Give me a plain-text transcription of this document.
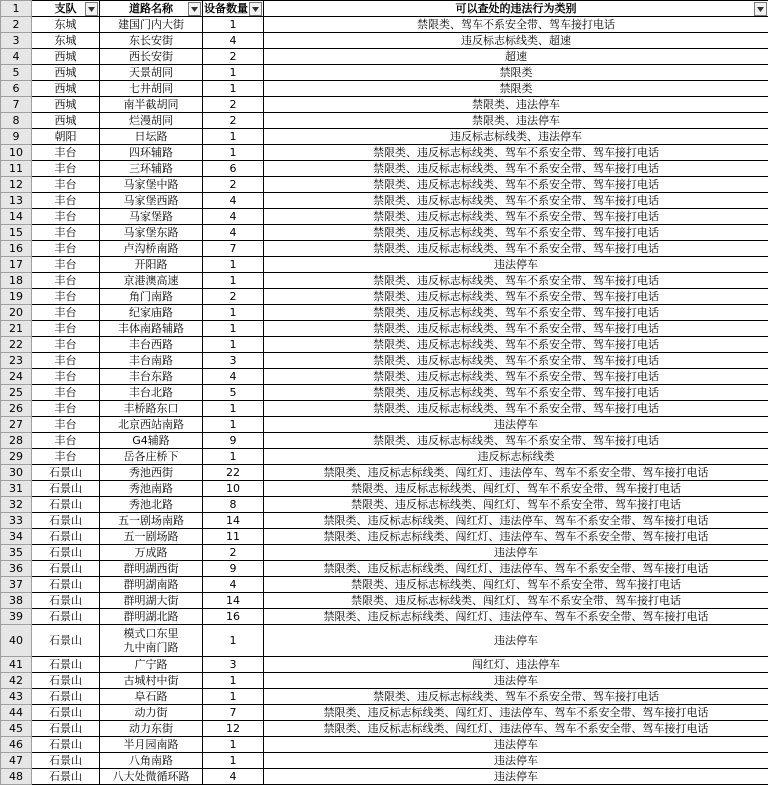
1	支队	道路名称	设备数量	可以查处的违法行为类别

2	东城	建国门内大街	1	禁限类、驾车不系安全带、驾车接打电话
3	东城	东长安街	4	违反标志标线类、超速
4	西城	西长安街	2	超速
5	西城	天景胡同	1	禁限类
6	西城	七井胡同	1	禁限类
7	西城	南半截胡同	2	禁限类、违法停车
8	西城	烂漫胡同	2	禁限类、违法停车
9	朝阳	日坛路	1	违反标志标线类、违法停车
10	丰台	四环辅路	1	禁限类、违反标志标线类、驾车不系安全带、驾车接打电话
11	丰台	三环辅路	6	禁限类、违反标志标线类、驾车不系安全带、驾车接打电话
12	丰台	马家堡中路	2	禁限类、违反标志标线类、驾车不系安全带、驾车接打电话
13	丰台	马家堡西路	4	禁限类、违反标志标线类、驾车不系安全带、驾车接打电话
14	丰台	马家堡路	4	禁限类、违反标志标线类、驾车不系安全带、驾车接打电话
15	丰台	马家堡东路	4	禁限类、违反标志标线类、驾车不系安全带、驾车接打电话
16	丰台	卢沟桥南路	7	禁限类、违反标志标线类、驾车不系安全带、驾车接打电话
17	丰台	开阳路	1	违法停车
18	丰台	京港澳高速	1	禁限类、违反标志标线类、驾车不系安全带、驾车接打电话
19	丰台	角门南路	2	禁限类、违反标志标线类、驾车不系安全带、驾车接打电话
20	丰台	纪家庙路	1	禁限类、违反标志标线类、驾车不系安全带、驾车接打电话
21	丰台	丰体南路辅路	1	禁限类、违反标志标线类、驾车不系安全带、驾车接打电话
22	丰台	丰台西路	1	禁限类、违反标志标线类、驾车不系安全带、驾车接打电话
23	丰台	丰台南路	3	禁限类、违反标志标线类、驾车不系安全带、驾车接打电话
24	丰台	丰台东路	4	禁限类、违反标志标线类、驾车不系安全带、驾车接打电话
25	丰台	丰台北路	5	禁限类、违反标志标线类、驾车不系安全带、驾车接打电话
26	丰台	丰桥路东口	1	禁限类、违反标志标线类、驾车不系安全带、驾车接打电话
27	丰台	北京西站南路	1	违法停车
28	丰台	G4辅路	9	禁限类、违反标志标线类、驾车不系安全带、驾车接打电话
29	丰台	岳各庄桥下	1	违反标志标线类
30	石景山	秀池西街	22	禁限类、违反标志标线类、闯红灯、违法停车、驾车不系安全带、驾车接打电话
31	石景山	秀池南路	10	禁限类、违反标志标线类、闯红灯、驾车不系安全带、驾车接打电话
32	石景山	秀池北路	8	禁限类、违反标志标线类、闯红灯、驾车不系安全带、驾车接打电话
33	石景山	五一剧场南路	14	禁限类、违反标志标线类、闯红灯、违法停车、驾车不系安全带、驾车接打电话
34	石景山	五一剧场路	11	禁限类、违反标志标线类、闯红灯、违法停车、驾车不系安全带、驾车接打电话
35	石景山	万成路	2	违法停车
36	石景山	群明湖西街	9	禁限类、违反标志标线类、闯红灯、违法停车、驾车不系安全带、驾车接打电话
37	石景山	群明湖南路	4	禁限类、违反标志标线类、闯红灯、驾车不系安全带、驾车接打电话
38	石景山	群明湖大街	14	禁限类、违反标志标线类、闯红灯、驾车不系安全带、驾车接打电话
39	石景山	群明湖北路	16	禁限类、违反标志标线类、闯红灯、违法停车、驾车不系安全带、驾车接打电话
40	石景山	模式口东里
九中南门路	1	违法停车
41	石景山	广宁路	3	闯红灯、违法停车
42	石景山	古城村中街	1	违法停车
43	石景山	阜石路	1	禁限类、违反标志标线类、驾车不系安全带、驾车接打电话
44	石景山	动力街	7	禁限类、违反标志标线类、闯红灯、违法停车、驾车不系安全带、驾车接打电话
45	石景山	动力东街	12	禁限类、违反标志标线类、闯红灯、违法停车、驾车不系安全带、驾车接打电话
46	石景山	半月园南路	1	违法停车
47	石景山	八角南路	1	违法停车
48	石景山	八大处微循环路	4	违法停车
